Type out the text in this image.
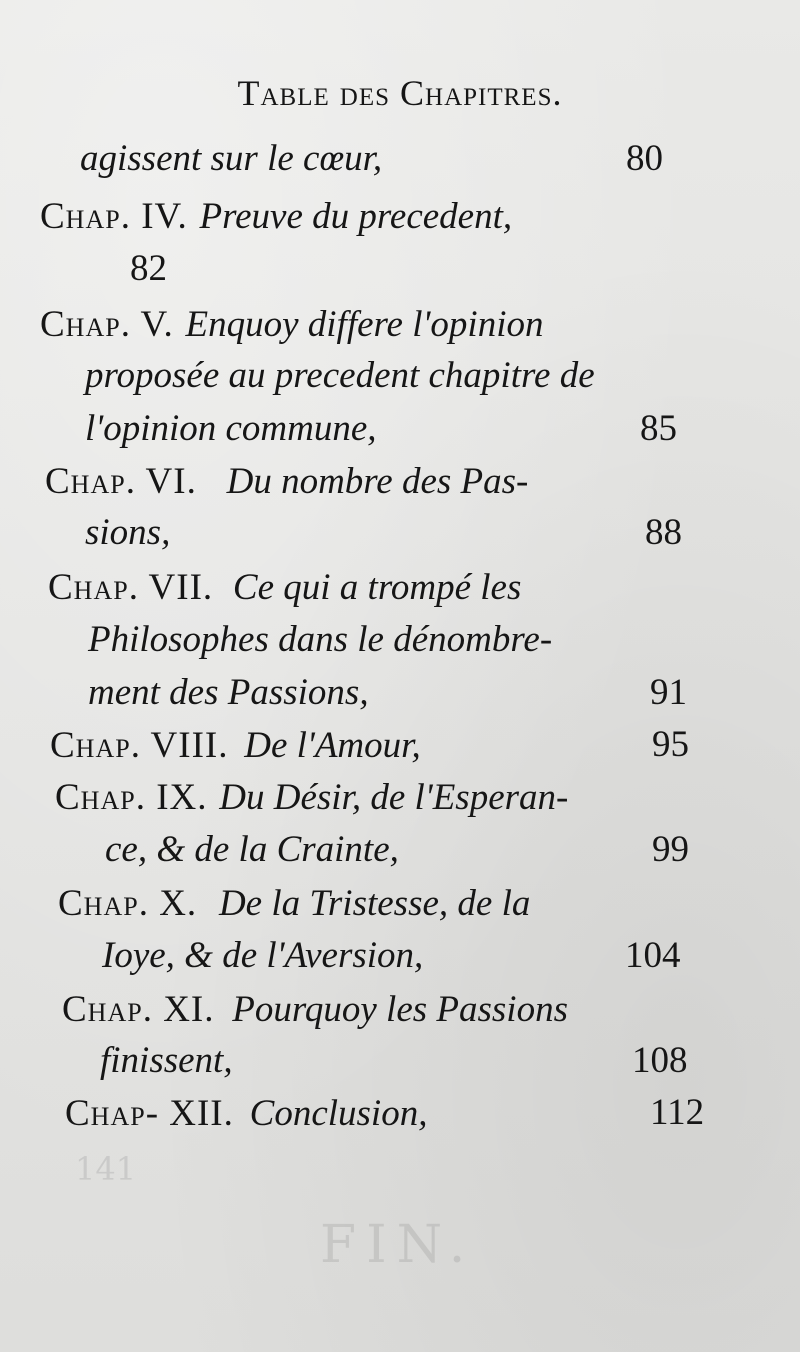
141
FIN.
Table des Chapitres.
agissent sur le cœur,	80
Chap. IV. Preuve du precedent,
82
Chap. V. Enquoy differe l'opinion
proposée au precedent chapitre de
l'opinion commune,	85
Chap. VI. Du nombre des Pas-
sions,	88
Chap. VII. Ce qui a trompé les
Philosophes dans le dénombre-
ment des Passions,	91
Chap. VIII. De l'Amour,	95
Chap. IX. Du Désir, de l'Esperan-
ce, & de la Crainte,	99
Chap. X. De la Tristesse, de la
Ioye, & de l'Aversion,	104
Chap. XI. Pourquoy les Passions
finissent,	108
Chap- XII. Conclusion,	112
